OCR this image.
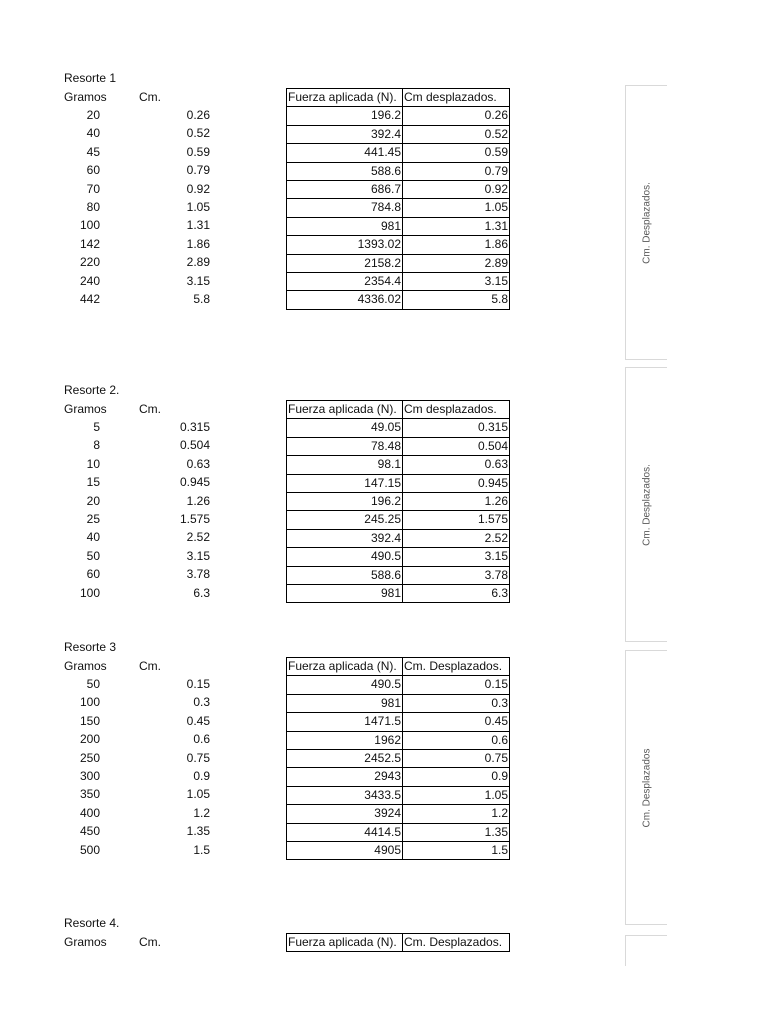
Resorte 1
Gramos	Cm.
20	0.26
40	0.52
45	0.59
60	0.79
70	0.92
80	1.05
100	1.31
142	1.86
220	2.89
240	3.15
442	5.8
Fuerza aplicada (N).	Cm desplazados.
196.2	0.26
392.4	0.52
441.45	0.59
588.6	0.79
686.7	0.92
784.8	1.05
981	1.31
1393.02	1.86
2158.2	2.89
2354.4	3.15
4336.02	5.8
Resorte 2.
Gramos	Cm.
5	0.315
8	0.504
10	0.63
15	0.945
20	1.26
25	1.575
40	2.52
50	3.15
60	3.78
100	6.3
Fuerza aplicada (N).	Cm desplazados.
49.05	0.315
78.48	0.504
98.1	0.63
147.15	0.945
196.2	1.26
245.25	1.575
392.4	2.52
490.5	3.15
588.6	3.78
981	6.3
Resorte 3
Gramos	Cm.
50	0.15
100	0.3
150	0.45
200	0.6
250	0.75
300	0.9
350	1.05
400	1.2
450	1.35
500	1.5
Fuerza aplicada (N).	Cm. Desplazados.
490.5	0.15
981	0.3
1471.5	0.45
1962	0.6
2452.5	0.75
2943	0.9
3433.5	1.05
3924	1.2
4414.5	1.35
4905	1.5
Resorte 4.
Gramos	Cm.	Fuerza aplicada (N).	Cm. Desplazados.
Cm. Desplazados.
Cm. Desplazados.
Cm. Desplazados
